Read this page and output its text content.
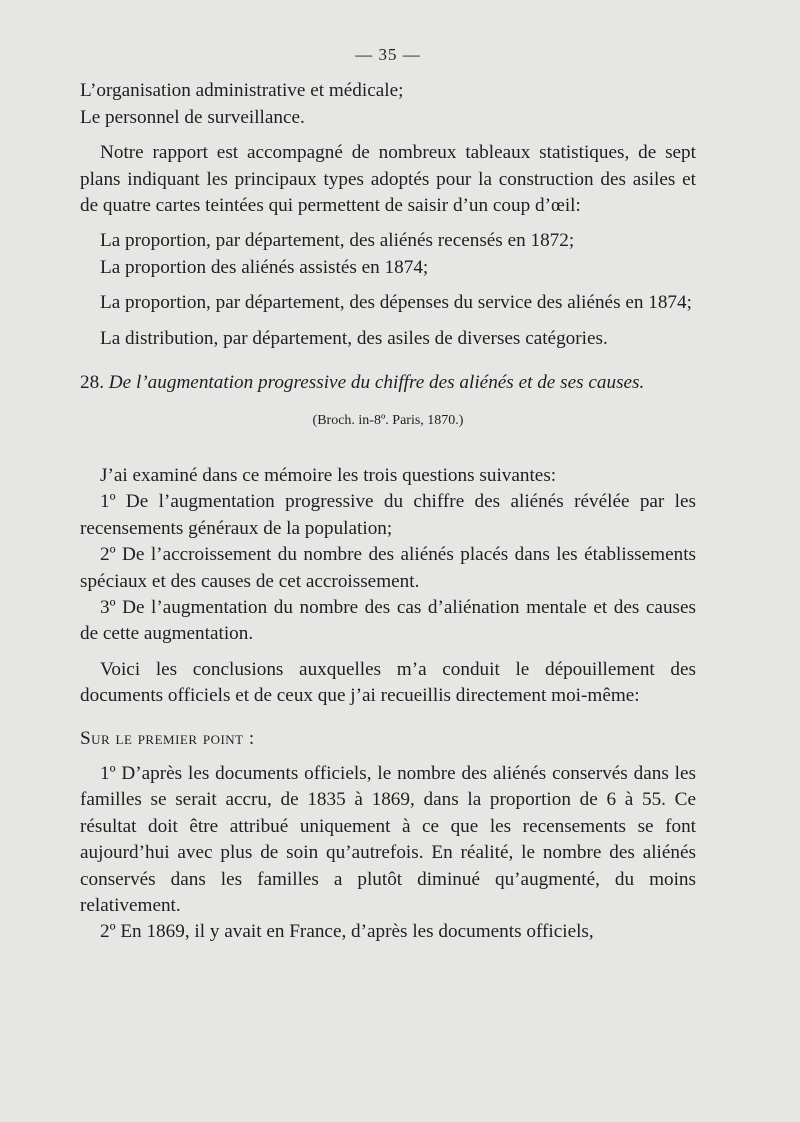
— 35 —

L’organisation administrative et médicale;

Le personnel de surveillance.

Notre rapport est accompagné de nombreux tableaux statistiques, de sept plans indiquant les principaux types adoptés pour la construction des asiles et de quatre cartes teintées qui permettent de saisir d’un coup d’œil:

La proportion, par département, des aliénés recensés en 1872;

La proportion des aliénés assistés en 1874;

La proportion, par département, des dépenses du service des aliénés en 1874;

La distribution, par département, des asiles de diverses catégories.

28. De l’augmentation progressive du chiffre des aliénés et de ses causes.

(Broch. in-8º. Paris, 1870.)

J’ai examiné dans ce mémoire les trois questions suivantes:

1º De l’augmentation progressive du chiffre des aliénés révélée par les recensements généraux de la population;

2º De l’accroissement du nombre des aliénés placés dans les établissements spéciaux et des causes de cet accroissement.

3º De l’augmentation du nombre des cas d’aliénation mentale et des causes de cette augmentation.

Voici les conclusions auxquelles m’a conduit le dépouillement des documents officiels et de ceux que j’ai recueillis directement moi-même:

Sur le premier point :

1º D’après les documents officiels, le nombre des aliénés conservés dans les familles se serait accru, de 1835 à 1869, dans la proportion de 6 à 55. Ce résultat doit être attribué uniquement à ce que les recensements se font aujourd’hui avec plus de soin qu’autrefois. En réalité, le nombre des aliénés conservés dans les familles a plutôt diminué qu’augmenté, du moins relativement.

2º En 1869, il y avait en France, d’après les documents officiels,
